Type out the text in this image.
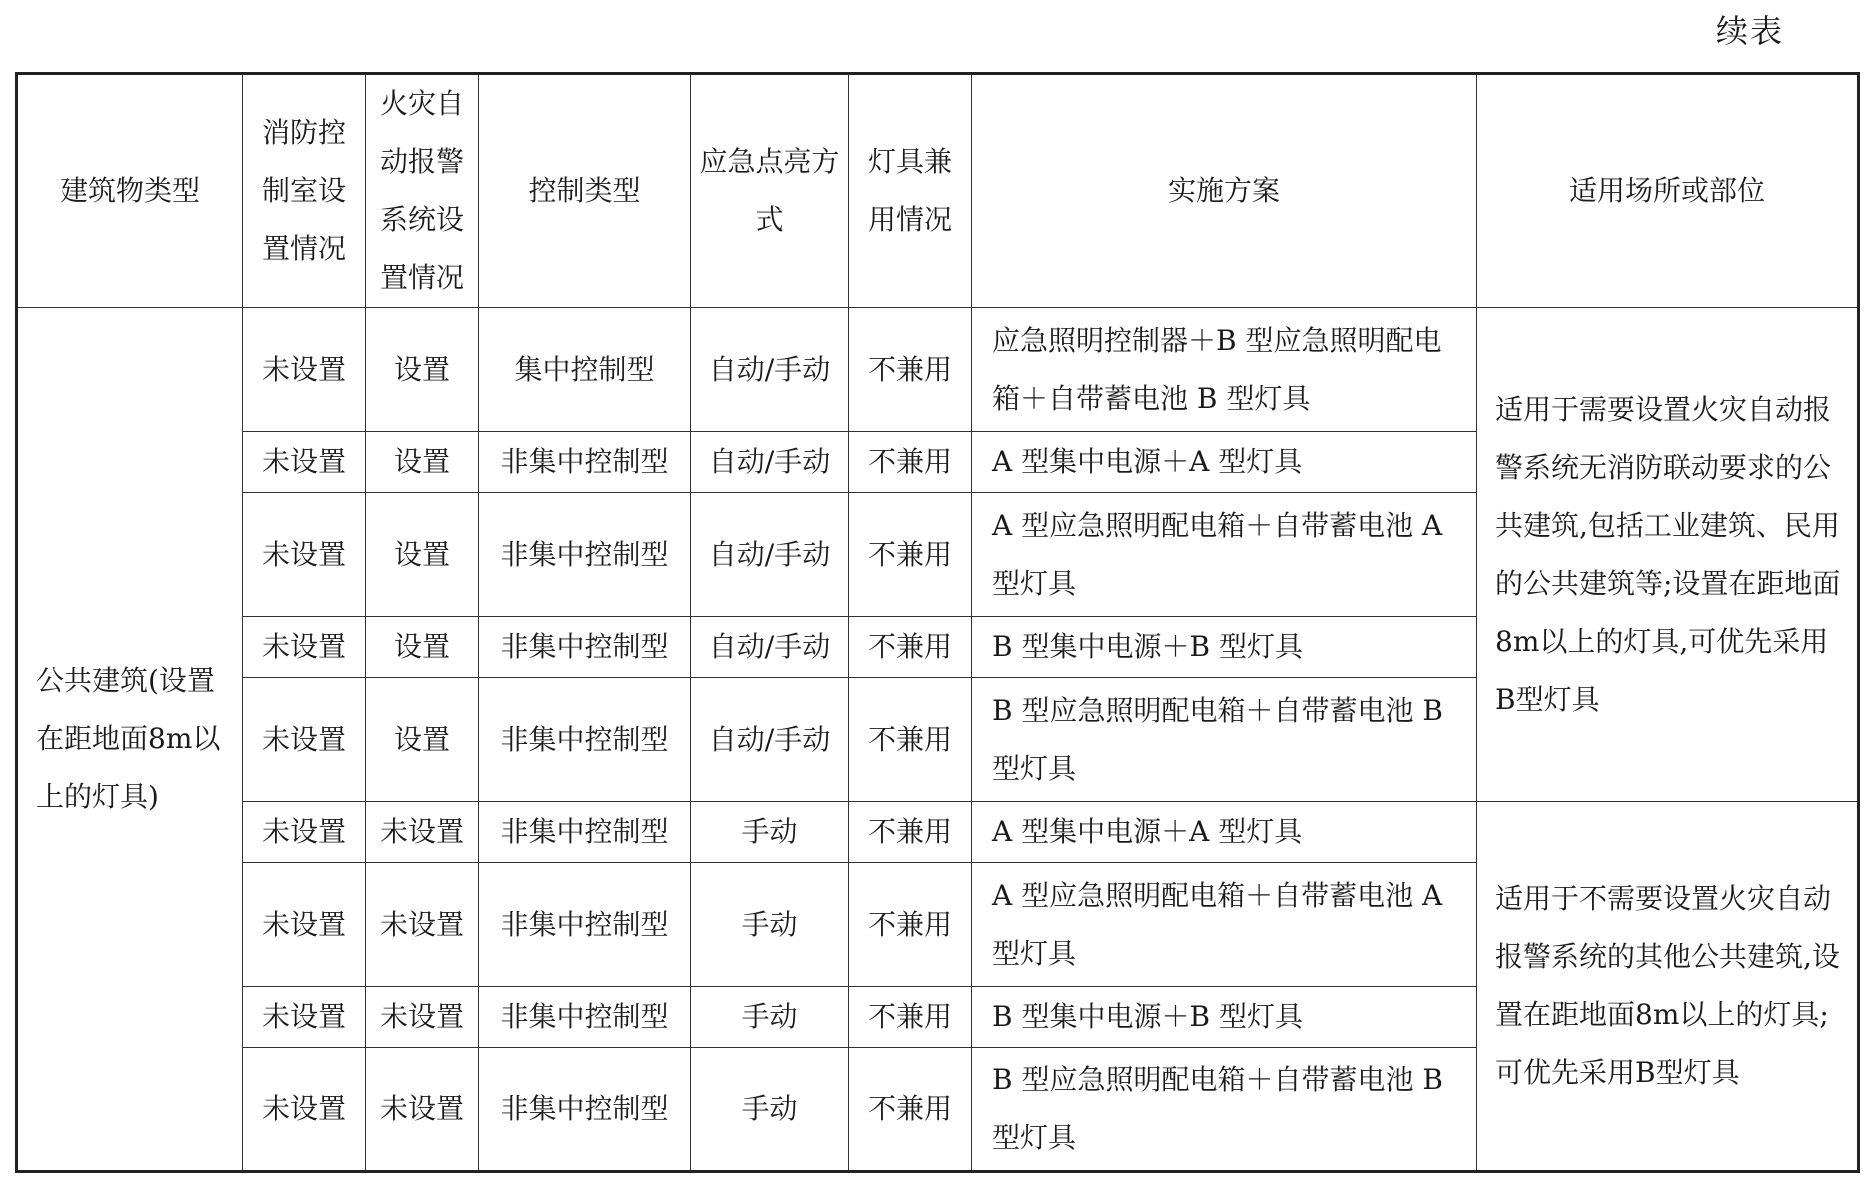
续表
建筑物类型	消防控制室设置情况	火灾自动报警系统设置情况	控制类型	应急点亮方式	灯具兼用情况	实施方案	适用场所或部位
公共建筑(设置在距地面8m以上的灯具)	未设置	设置	集中控制型	自动/手动	不兼用	应急照明控制器＋B 型应急照明配电箱＋自带蓄电池 B 型灯具	适用于需要设置火灾自动报警系统无消防联动要求的公共建筑,包括工业建筑、民用的公共建筑等;设置在距地面8m以上的灯具,可优先采用B型灯具
	未设置	设置	非集中控制型	自动/手动	不兼用	A 型集中电源＋A 型灯具	
	未设置	设置	非集中控制型	自动/手动	不兼用	A 型应急照明配电箱＋自带蓄电池 A 型灯具	
	未设置	设置	非集中控制型	自动/手动	不兼用	B 型集中电源＋B 型灯具	
	未设置	设置	非集中控制型	自动/手动	不兼用	B 型应急照明配电箱＋自带蓄电池 B 型灯具	
	未设置	未设置	非集中控制型	手动	不兼用	A 型集中电源＋A 型灯具	适用于不需要设置火灾自动报警系统的其他公共建筑,设置在距地面8m以上的灯具;可优先采用B型灯具
	未设置	未设置	非集中控制型	手动	不兼用	A 型应急照明配电箱＋自带蓄电池 A 型灯具	
	未设置	未设置	非集中控制型	手动	不兼用	B 型集中电源＋B 型灯具	
	未设置	未设置	非集中控制型	手动	不兼用	B 型应急照明配电箱＋自带蓄电池 B 型灯具	
